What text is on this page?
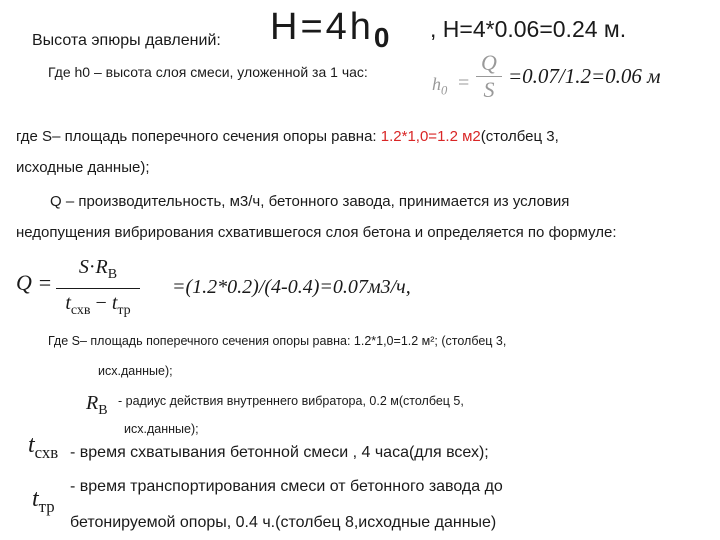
Высота эпюры давлений: $H=4h_0$ , H=4*0.06=0.24 м.
Где h0 – высота слоя смеси, уложенной за 1 час:
$h_0$ =
Q
S
=0.07/1.2=0.06 м
где S– площадь поперечного сечения опоры равна: 1.2*1,0=1.2 м2(столбец 3,
исходные данные);
Q – производительность, м3/ч, бетонного завода, принимается из условия
недопущения вибрирования схватившегося слоя бетона и определяется по формуле:
Q =
$S\cdot R_В$
$t_{схв} - t_{тр}$
=(1.2*0.2)/(4-0.4)=0.07м3/ч,
Где S– площадь поперечного сечения опоры равна: 1.2*1,0=1.2 м²; (столбец 3,
исх.данные);
$R_В$
- радиус действия внутреннего вибратора, 0.2 м(столбец 5,
исх.данные);
$t_{схв}$ - время схватывания бетонной смеси , 4 часа(для всех);
$t_{тр}$
- время транспортирования смеси от бетонного завода до
бетонируемой опоры, 0.4 ч.(столбец 8,исходные данные)
